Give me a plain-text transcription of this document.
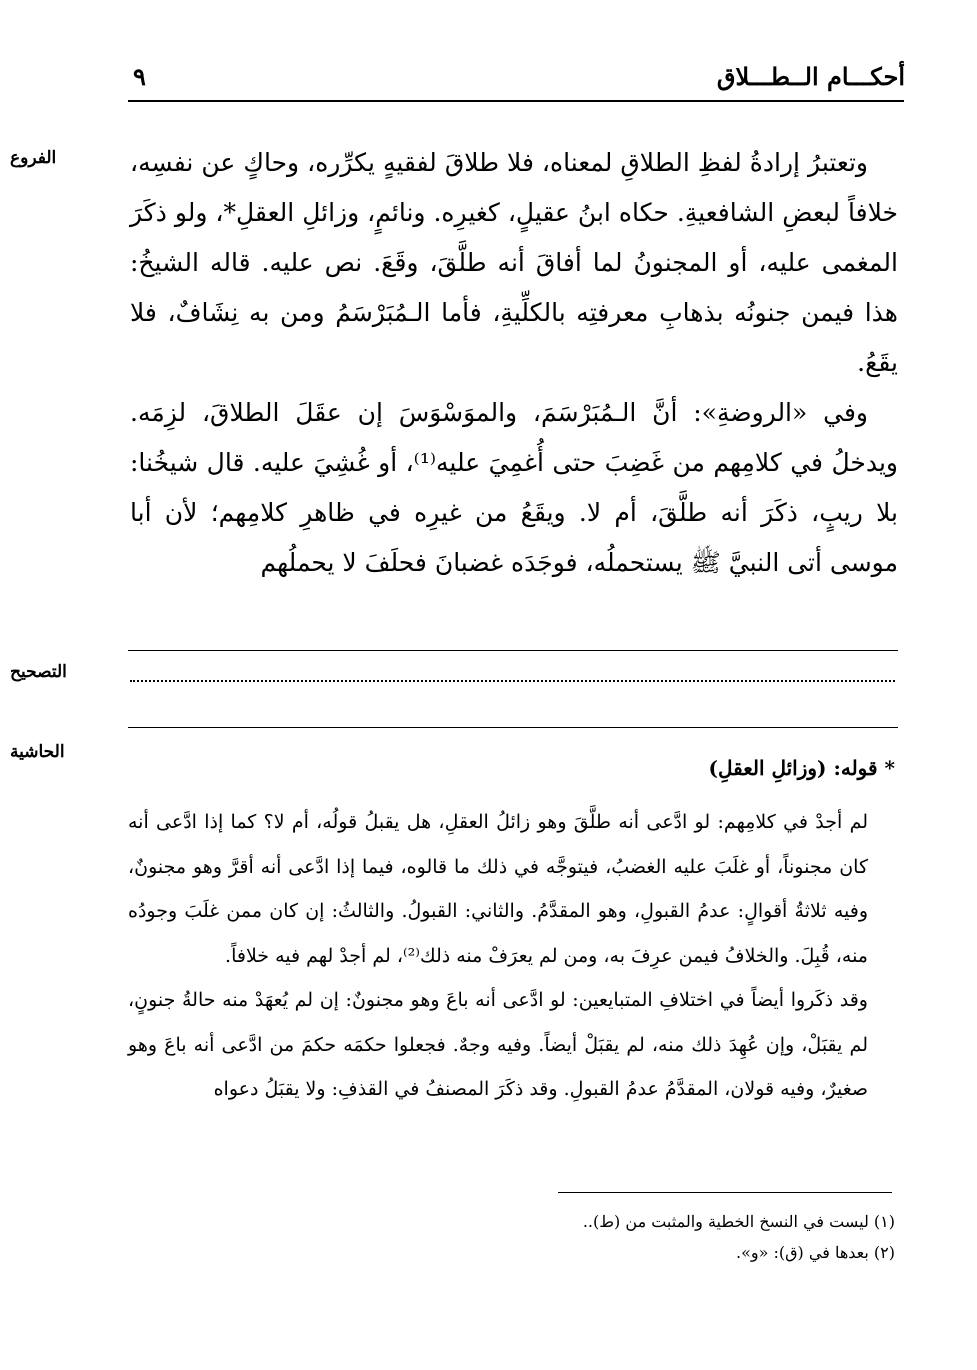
أحكـــام الــطـــلاق
٩
الفروع
التصحيح
الحاشية

وتعتبرُ إرادةُ لفظِ الطلاقِ لمعناه، فلا طلاقَ لفقيهٍ يكرِّره، وحاكٍ عن نفسِه، خلافاً لبعضِ الشافعيةِ. حكاه ابنُ عقيلٍ، كغيرِه. ونائمٍ، وزائلِ العقلِ*، ولو ذكَرَ المغمى عليه، أو المجنونُ لما أفاقَ أنه طلَّقَ، وقَعَ. نص عليه. قاله الشيخُ: هذا فيمن جنونُه بذهابِ معرفتِه بالكلِّيةِ، فأما الـمُبَرْسَمُ ومن به نِشَافٌ، فلا يقَعُ.

وفي «الروضةِ»: أنَّ الـمُبَرْسَمَ، والموَسْوَسَ إن عقَلَ الطلاقَ، لزِمَه. ويدخلُ في كلامِهم من غَضِبَ حتى أُغمِيَ عليه⁽¹⁾، أو غُشِيَ عليه. قال شيخُنا: بلا ريبٍ، ذكَرَ أنه طلَّقَ، أم لا. ويقَعُ من غيرِه في ظاهرِ كلامِهم؛ لأن أبا موسى أتى النبيَّ ﷺ يستحملُه، فوجَدَه غضبانَ فحلَفَ لا يحملُهم

* قوله: (وزائلِ العقلِ)

لم أجدْ في كلامِهم: لو ادَّعى أنه طلَّقَ وهو زائلُ العقلِ، هل يقبلُ قولُه، أم لا؟ كما إذا ادَّعى أنه كان مجنوناً، أو غلَبَ عليه الغضبُ، فيتوجَّه في ذلك ما قالوه، فيما إذا ادَّعى أنه أقرَّ وهو مجنونٌ، وفيه ثلاثةُ أقوالٍ: عدمُ القبولِ، وهو المقدَّمُ. والثاني: القبولُ. والثالثُ: إن كان ممن غلَبَ وجودُه منه، قُبِلَ. والخلافُ فيمن عرِفَ به، ومن لم يعرَفْ منه ذلك⁽²⁾، لم أجدْ لهم فيه خلافاً.

وقد ذكَروا أيضاً في اختلافِ المتبايعين: لو ادَّعى أنه باعَ وهو مجنونٌ: إن لم يُعهَدْ منه حالةُ جنونٍ، لم يقبَلْ، وإن عُهِدَ ذلك منه، لم يقبَلْ أيضاً. وفيه وجهٌ. فجعلوا حكمَه حكمَ من ادَّعى أنه باعَ وهو صغيرٌ، وفيه قولان، المقدَّمُ عدمُ القبولِ. وقد ذكَرَ المصنفُ في القذفِ: ولا يقبَلُ دعواه

(١) ليست في النسخ الخطية والمثبت من (ط)..
(٢) بعدها في (ق): «و».
